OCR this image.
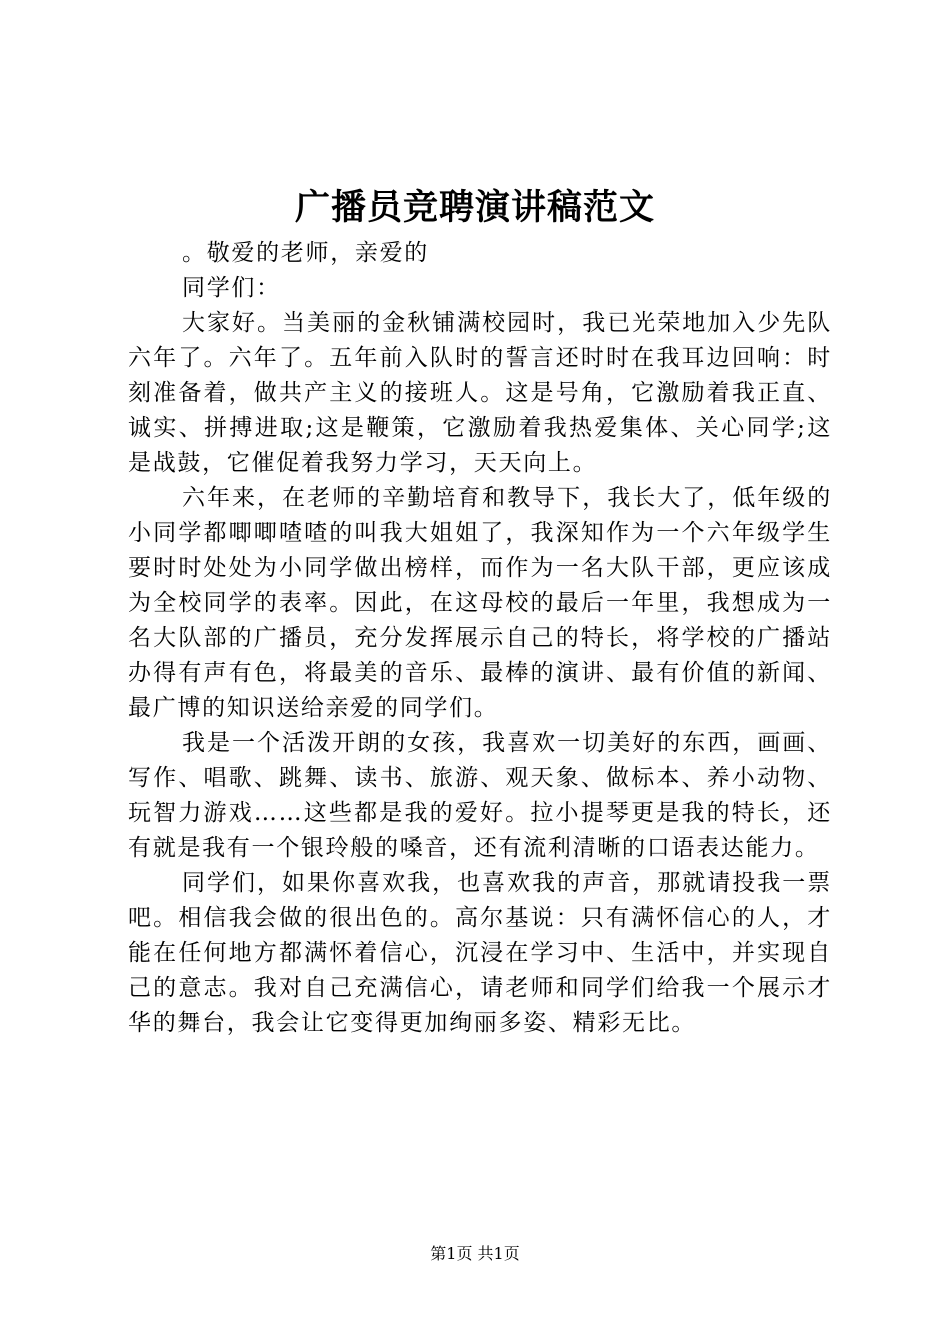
广播员竞聘演讲稿范文

。敬爱的老师，亲爱的

同学们：

大家好。当美丽的金秋铺满校园时，我已光荣地加入少先队六年了。六年了。五年前入队时的誓言还时时在我耳边回响：时刻准备着，做共产主义的接班人。这是号角，它激励着我正直、诚实、拼搏进取;这是鞭策，它激励着我热爱集体、关心同学;这是战鼓，它催促着我努力学习，天天向上。

六年来，在老师的辛勤培育和教导下，我长大了，低年级的小同学都唧唧喳喳的叫我大姐姐了，我深知作为一个六年级学生要时时处处为小同学做出榜样，而作为一名大队干部，更应该成为全校同学的表率。因此，在这母校的最后一年里，我想成为一名大队部的广播员，充分发挥展示自己的特长，将学校的广播站办得有声有色，将最美的音乐、最棒的演讲、最有价值的新闻、最广博的知识送给亲爱的同学们。

我是一个活泼开朗的女孩，我喜欢一切美好的东西，画画、写作、唱歌、跳舞、读书、旅游、观天象、做标本、养小动物、玩智力游戏……这些都是我的爱好。拉小提琴更是我的特长，还有就是我有一个银玲般的嗓音，还有流利清晰的口语表达能力。

同学们，如果你喜欢我，也喜欢我的声音，那就请投我一票吧。相信我会做的很出色的。高尔基说：只有满怀信心的人，才能在任何地方都满怀着信心，沉浸在学习中、生活中，并实现自己的意志。我对自己充满信心，请老师和同学们给我一个展示才华的舞台，我会让它变得更加绚丽多姿、精彩无比。

第1页 共1页
